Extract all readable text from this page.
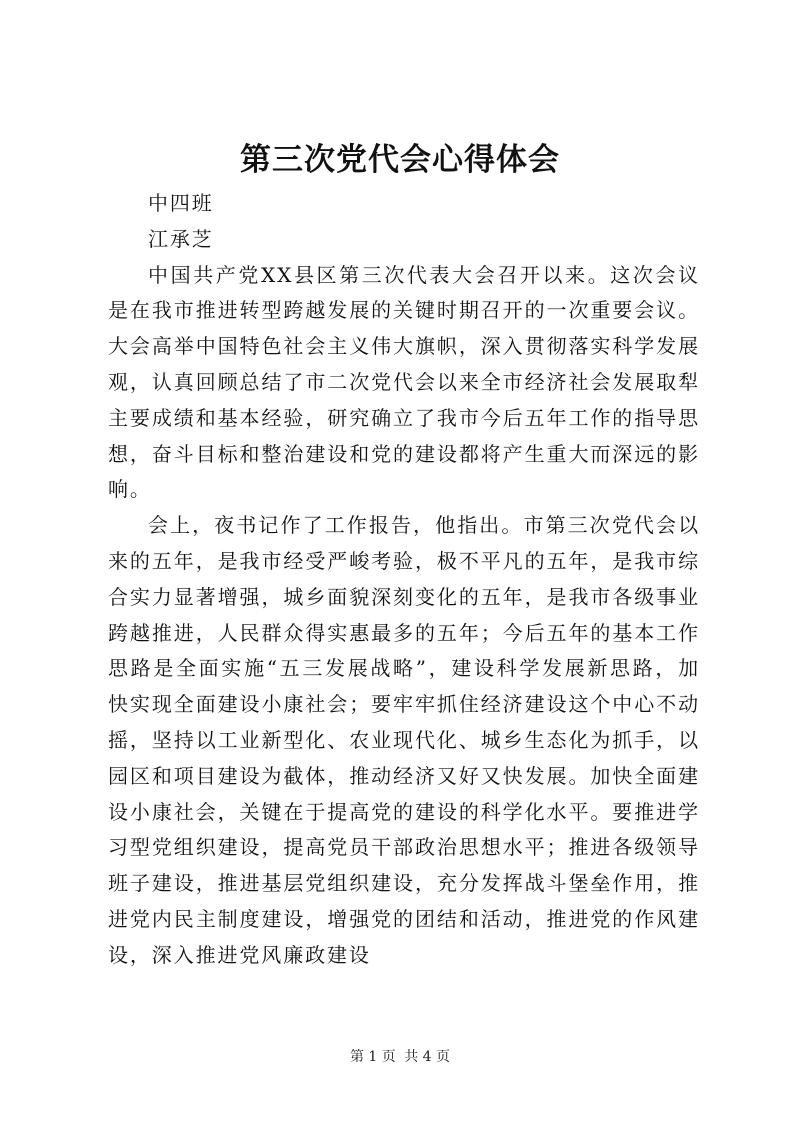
第三次党代会心得体会

中四班

江承芝

中国共产党XX县区第三次代表大会召开以来。这次会议是在我市推进转型跨越发展的关键时期召开的一次重要会议。大会高举中国特色社会主义伟大旗帜，深入贯彻落实科学发展观，认真回顾总结了市二次党代会以来全市经济社会发展取犁主要成绩和基本经验，研究确立了我市今后五年工作的指导思想，奋斗目标和整治建设和党的建设都将产生重大而深远的影响。

会上，夜书记作了工作报告，他指出。市第三次党代会以来的五年，是我市经受严峻考验，极不平凡的五年，是我市综合实力显著增强，城乡面貌深刻变化的五年，是我市各级事业跨越推进，人民群众得实惠最多的五年；今后五年的基本工作思路是全面实施“五三发展战略”，建设科学发展新思路，加快实现全面建设小康社会；要牢牢抓住经济建设这个中心不动摇，坚持以工业新型化、农业现代化、城乡生态化为抓手，以园区和项目建设为截体，推动经济又好又快发展。加快全面建设小康社会，关键在于提高党的建设的科学化水平。要推进学习型党组织建设，提高党员干部政治思想水平；推进各级领导班子建设，推进基层党组织建设，充分发挥战斗堡垒作用，推进党内民主制度建设，增强党的团结和活动，推进党的作风建设，深入推进党风廉政建设

第 1 页 共 4 页
